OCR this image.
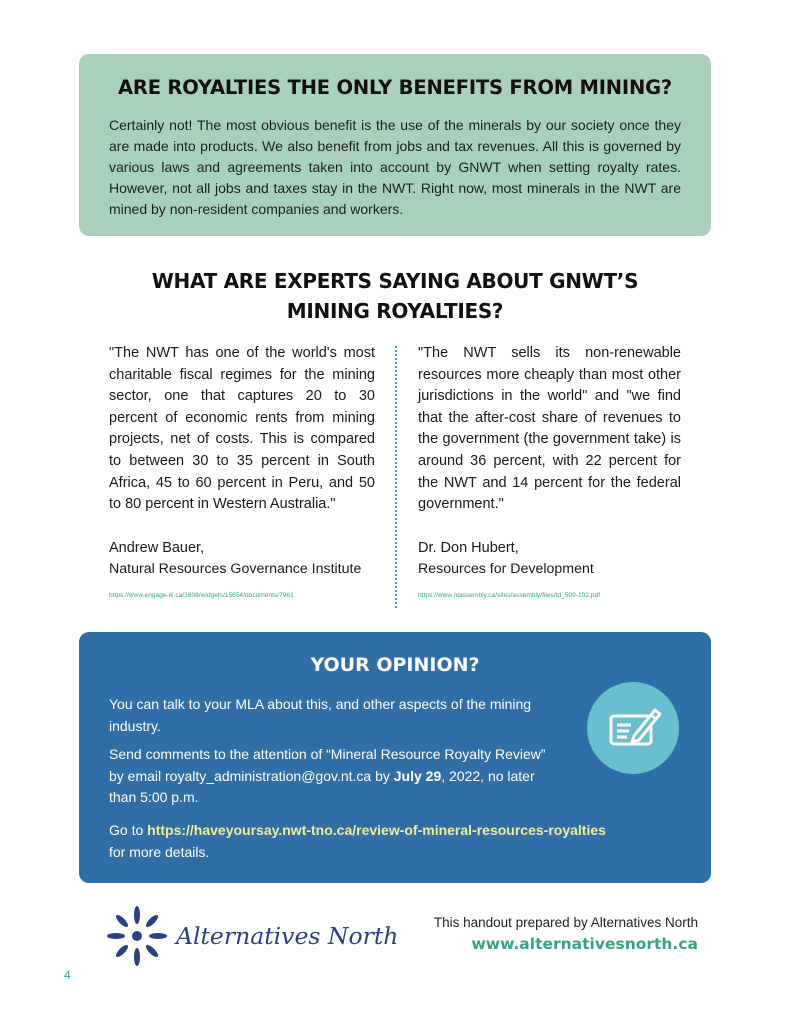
ARE ROYALTIES THE ONLY BENEFITS FROM MINING?

Certainly not! The most obvious benefit is the use of the minerals by our society once they are made into products. We also benefit from jobs and tax revenues. All this is governed by various laws and agreements taken into account by GNWT when setting royalty rates. However, not all jobs and taxes stay in the NWT. Right now, most minerals in the NWT are mined by non-resident companies and workers.

WHAT ARE EXPERTS SAYING ABOUT GNWT’S
MINING ROYALTIES?

"The NWT has one of the world's most charitable fiscal regimes for the mining sector, one that captures 20 to 30 percent of economic rents from mining projects, net of costs. This is compared to between 30 to 35 percent in South Africa, 45 to 60 percent in Peru, and 50 to 80 percent in Western Australia."

Andrew Bauer,
Natural Resources Governance Institute
https://www.engage-iti.ca/3808/widgets/15654/documents/7981

"The NWT sells its non-renewable resources more cheaply than most other jurisdictions in the world" and "we find that the after-cost share of revenues to the government (the government take) is around 36 percent, with 22 percent for the NWT and 14 percent for the federal government."

Dr. Don Hubert,
Resources for Development
https://www.ntassembly.ca/sites/assembly/files/td_509-192.pdf
YOUR OPINION?

You can talk to your MLA about this, and other aspects of the mining industry.

Send comments to the attention of “Mineral Resource Royalty Review” by email royalty_administration@gov.nt.ca by July 29, 2022, no later than 5:00 p.m.

Go to https://haveyoursay.nwt-tno.ca/review-of-mineral-resources-royalties
for more details.

Alternatives North	This handout prepared by Alternatives North
www.alternativesnorth.ca
4
